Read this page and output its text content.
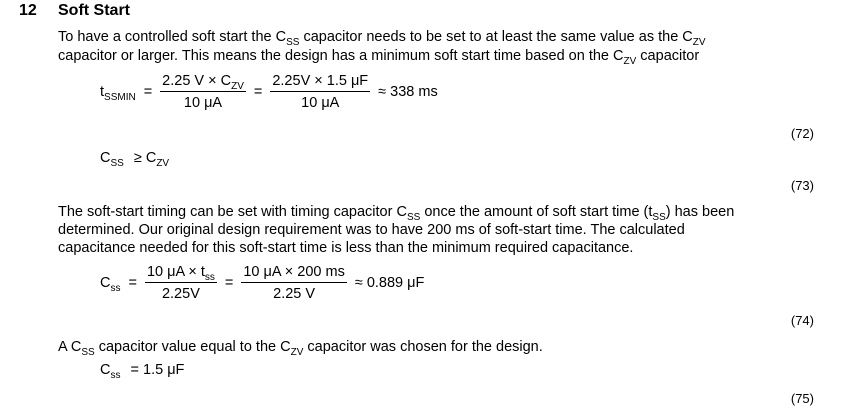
12 Soft Start
To have a controlled soft start the $C_{SS}$ capacitor needs to be set to at least the same value as the $C_{ZV}$
capacitor or larger. This means the design has a minimum soft start time based on the $C_{ZV}$ capacitor
$t_{SSMIN} = \frac{2.25 V \times C_{ZV}}{10 \mu A} = \frac{2.25V \times 1.5 \mu F}{10 \mu A} \approx 338$ ms
(72)
$C_{SS} \ge C_{ZV}$
(73)
The soft-start timing can be set with timing capacitor $C_{SS}$ once the amount of soft start time $(t_{SS})$ has been
determined. Our original design requirement was to have 200 ms of soft-start time. The calculated
capacitance needed for this soft-start time is less than the minimum required capacitance.
$C_{ss} = \frac{10 \mu A \times t_{ss}}{2.25V} = \frac{10 \mu A \times 200 ms}{2.25 V} \approx 0.889$ μF
(74)
A $C_{SS}$ capacitor value equal to the $C_{ZV}$ capacitor was chosen for the design.
$C_{ss} = 1.5$ μF
(75)
